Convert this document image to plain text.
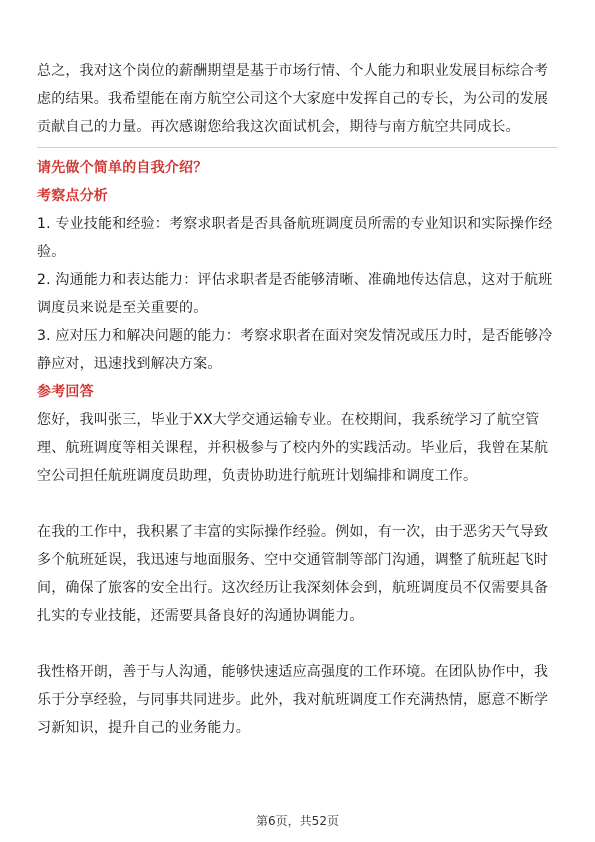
总之，我对这个岗位的薪酬期望是基于市场行情、个人能力和职业发展目标综合考虑的结果。我希望能在南方航空公司这个大家庭中发挥自己的专长，为公司的发展贡献自己的力量。再次感谢您给我这次面试机会，期待与南方航空共同成长。

请先做个简单的自我介绍？

考察点分析

1. 专业技能和经验：考察求职者是否具备航班调度员所需的专业知识和实际操作经验。

2. 沟通能力和表达能力：评估求职者是否能够清晰、准确地传达信息，这对于航班调度员来说是至关重要的。

3. 应对压力和解决问题的能力：考察求职者在面对突发情况或压力时，是否能够冷静应对，迅速找到解决方案。

参考回答

您好，我叫张三，毕业于XX大学交通运输专业。在校期间，我系统学习了航空管理、航班调度等相关课程，并积极参与了校内外的实践活动。毕业后，我曾在某航空公司担任航班调度员助理，负责协助进行航班计划编排和调度工作。

在我的工作中，我积累了丰富的实际操作经验。例如，有一次，由于恶劣天气导致多个航班延误，我迅速与地面服务、空中交通管制等部门沟通，调整了航班起飞时间，确保了旅客的安全出行。这次经历让我深刻体会到，航班调度员不仅需要具备扎实的专业技能，还需要具备良好的沟通协调能力。

我性格开朗，善于与人沟通，能够快速适应高强度的工作环境。在团队协作中，我乐于分享经验，与同事共同进步。此外，我对航班调度工作充满热情，愿意不断学习新知识，提升自己的业务能力。

第6页，共52页
